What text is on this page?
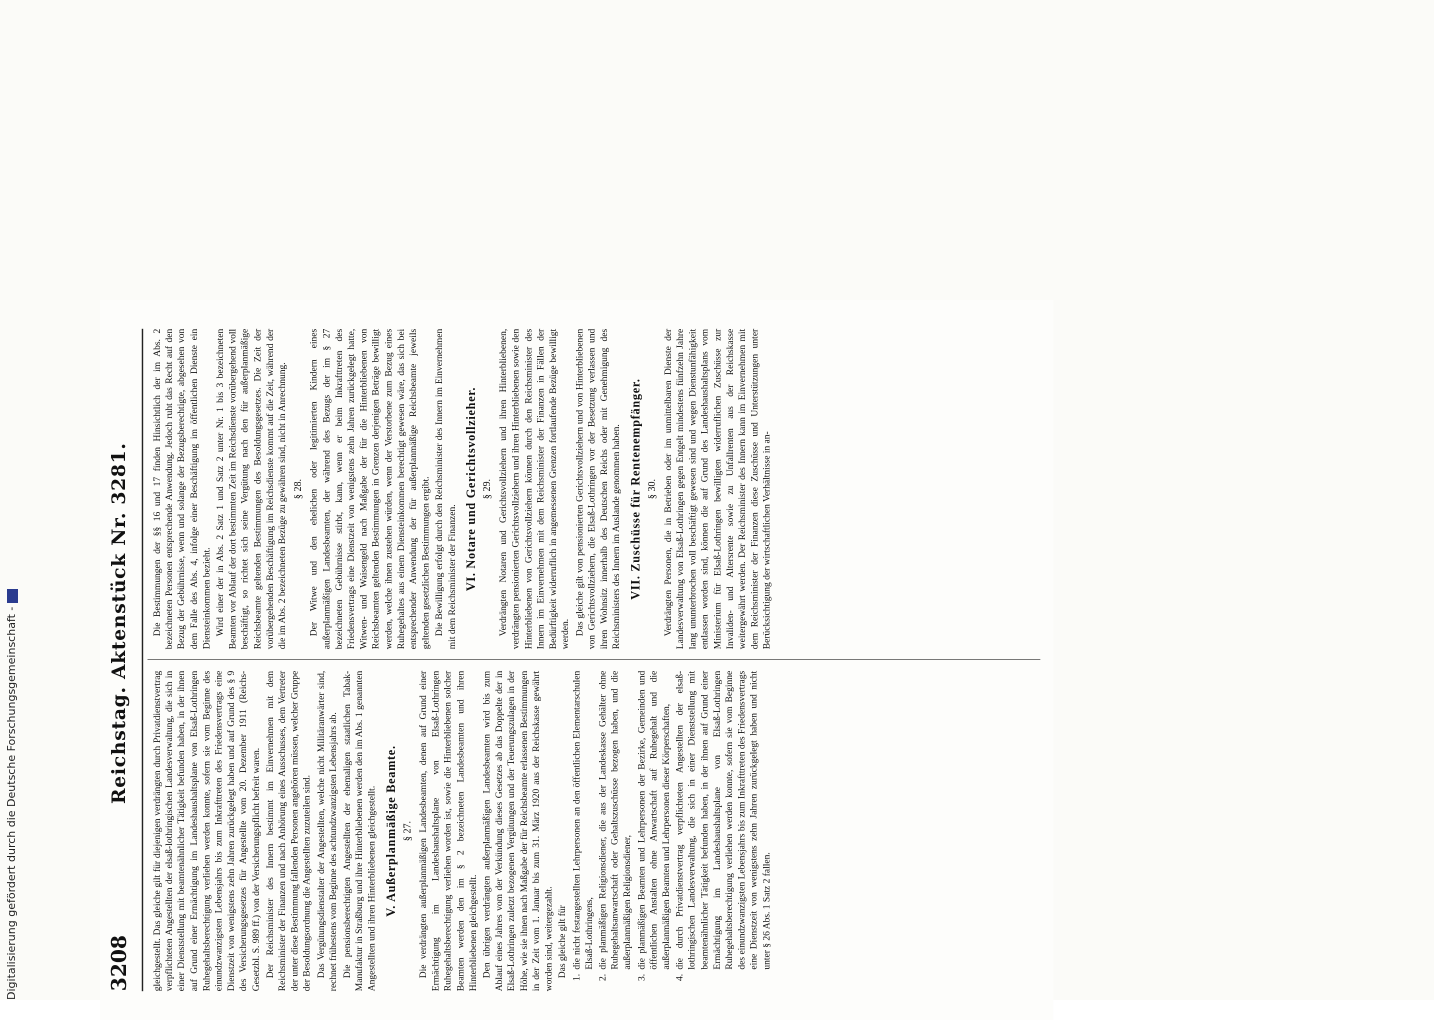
3208
Reichstag. Aktenstück Nr. 3281.

gleichgestellt. Das gleiche gilt für diejenigen verdrängten durch Privatdienstvertrag verpflichteten Angestellten der elsaß-lothringischen Landesverwaltung, die sich in einer Dienststellung mit beamtenähnlicher Tätigkeit befunden haben, in der ihnen auf Grund einer Ermächtigung im Landeshaushaltsplane von Elsaß-Lothringen Ruhegehaltsberechtigung verliehen werden konnte, sofern sie vom Beginne des einundzwanzigsten Lebensjahrs bis zum Inkrafttreten des Friedensvertrags eine Dienstzeit von wenigstens zehn Jahren zurückgelegt haben und auf Grund des § 9 des Versicherungsgesetzes für Angestellte vom 20. Dezember 1911 (Reichs-Gesetzbl. S. 989 ff.) von der Versicherungspflicht befreit waren. Der Reichsminister des Innern bestimmt im Einvernehmen mit dem Reichsminister der Finanzen und nach Anhörung eines Ausschusses, dem Vertreter der unter diese Bestimmung fallenden Personen angehören müssen, welcher Gruppe der Besoldungsordnung die Angestellten zuzuteilen sind. Das Vergütungsdienstalter der Angestellten, welche nicht Militäranwärter sind, rechnet frühestens vom Beginne des achtundzwanzigsten Lebensjahrs ab. Die pensionsberechtigten Angestellten der ehemaligen staatlichen Tabak-Manufaktur in Straßburg und ihre Hinterbliebenen werden den im Abs. 1 genannten Angestellten und ihren Hinterbliebenen gleichgestellt. V. Außerplanmäßige Beamte. § 27. Die verdrängten außerplanmäßigen Landesbeamten, denen auf Grund einer Ermächtigung im Landeshaushaltsplane von Elsaß-Lothringen Ruhegehaltsberechtigung verliehen worden ist, sowie die Hinterbliebenen solcher Beamten werden den im § 2 bezeichneten Landesbeamten und ihren Hinterbliebenen gleichgestellt. Den übrigen verdrängten außerplanmäßigen Landesbeamten wird bis zum Ablauf eines Jahres vom der Verkündung dieses Gesetzes ab das Doppelte der in Elsaß-Lothringen zuletzt bezogenen Vergütungen und der Teuerungszulagen in der Höhe, wie sie ihnen nach Maßgabe der für Reichsbeamte erlassenen Bestimmungen in der Zeit vom 1. Januar bis zum 31. März 1920 aus der Reichskasse gewährt worden sind, weitergezahlt. Das gleiche gilt für 1.
die nicht festangestellten Lehrpersonen an den öffentlichen Elementarschulen Elsaß-Lothringens,
2.
die planmäßigen Religionsdiener, die aus der Landeskasse Gehälter ohne Ruhegehaltsanwartschaft oder Gehaltszuschüsse bezogen haben, und die außerplanmäßigen Religionsdiener,
3.
die planmäßigen Beamten und Lehrpersonen der Bezirke, Gemeinden und öffentlichen Anstalten ohne Anwartschaft auf Ruhegehalt und die außerplanmäßigen Beamten und Lehrpersonen dieser Körperschaften,
4.
die durch Privatdienstvertrag verpflichteten Angestellten der elsaß-lothringischen Landesverwaltung, die sich in einer Dienststellung mit beamtenähnlicher Tätigkeit befunden haben, in der ihnen auf Grund einer Ermächtigung im Landeshaushaltsplane von Elsaß-Lothringen Ruhegehaltsberechtigung verliehen werden konnte, sofern sie vom Beginne des einundzwanzigsten Lebensjahrs bis zum Inkrafttreten des Friedensvertrags eine Dienstzeit von wenigstens zehn Jahren zurückgelegt haben und nicht unter § 26 Abs. 1 Satz 2 fallen.

Die Bestimmungen der §§ 16 und 17 finden Hinsichtlich der im Abs. 2 bezeichneten Personen entsprechende Anwendung. Jedoch ruht das Recht auf den Bezug der Gebührnisse, wenn und solange der Bezugsberechtigte, abgesehen von dem Falle des Abs. 4, infolge einer Beschäftigung im öffentlichen Dienste ein Diensteinkommen bezieht. Wird einer der in Abs. 2 Satz 1 und Satz 2 unter Nr. 1 bis 3 bezeichneten Beamten vor Ablauf der dort bestimmten Zeit im Reichsdienste vorübergehend voll beschäftigt, so richtet sich seine Vergütung nach den für außerplanmäßige Reichsbeamte geltenden Bestimmungen des Besoldungsgesetzes. Die Zeit der vorübergehenden Beschäftigung im Reichsdienste kommt auf die Zeit, während der die im Abs. 2 bezeichneten Bezüge zu gewähren sind, nicht in Anrechnung. § 28. Der Witwe und den ehelichen oder legitimierten Kindern eines außerplanmäßigen Landesbeamten, der während des Bezugs der im § 27 bezeichneten Gebührnisse stirbt, kann, wenn er beim Inkrafttreten des Friedensvertrags eine Dienstzeit von wenigstens zehn Jahren zurückgelegt hatte, Witwen- und Waisengeld nach Maßgabe der für die Hinterbliebenen von Reichsbeamten geltenden Bestimmungen in Grenzen derjenigen Beträge bewilligt werden, welche ihnen zustehen würden, wenn der Verstorbene zum Bezug eines Ruhegehaltes aus einem Diensteinkommen berechtigt gewesen wäre, das sich bei entsprechender Anwendung der für außerplanmäßige Reichsbeamte jeweils geltenden gesetzlichen Bestimmungen ergibt. Die Bewilligung erfolgt durch den Reichsminister des Innern im Einvernehmen mit dem Reichsminister der Finanzen. VI. Notare und Gerichtsvollzieher. § 29. Verdrängten Notaren und Gerichtsvollziehern und ihren Hinterbliebenen, verdrängten pensionierten Gerichtsvollziehern und ihren Hinterbliebenen sowie den Hinterbliebenen von Gerichtsvollziehern können durch den Reichsminister des Innern im Einvernehmen mit dem Reichsminister der Finanzen in Fällen der Bedürftigkeit widerruflich in angemessenen Grenzen fortlaufende Bezüge bewilligt werden. Das gleiche gilt von pensionierten Gerichtsvollziehern und von Hinterbliebenen von Gerichtsvollziehern, die Elsaß-Lothringen vor der Besetzung verlassen und ihren Wohnsitz innerhalb des Deutschen Reichs oder mit Genehmigung des Reichsministers des Innern im Auslande genommen haben. VII. Zuschüsse für Rentenempfänger. § 30. Verdrängten Personen, die in Betrieben oder im unmittelbaren Dienste der Landesverwaltung von Elsaß-Lothringen gegen Entgelt mindestens fünfzehn Jahre lang ununterbrochen voll beschäftigt gewesen sind und wegen Dienstunfähigkeit entlassen worden sind, können die auf Grund des Landeshaushaltsplans vom Ministerium für Elsaß-Lothringen bewilligten widerruflichen Zuschüsse zur Invaliden- und Altersrente sowie zu Unfallrenten aus der Reichskasse weitergewährt werden. Der Reichsminister des Innern kann im Einvernehmen mit dem Reichsminister der Finanzen diese Zuschüsse und Unterstützungen unter Berücksichtigung der wirtschaftlichen Verhältnisse in an-

Digitalisierung gefördert durch die Deutsche Forschungsgemeinschaft -
